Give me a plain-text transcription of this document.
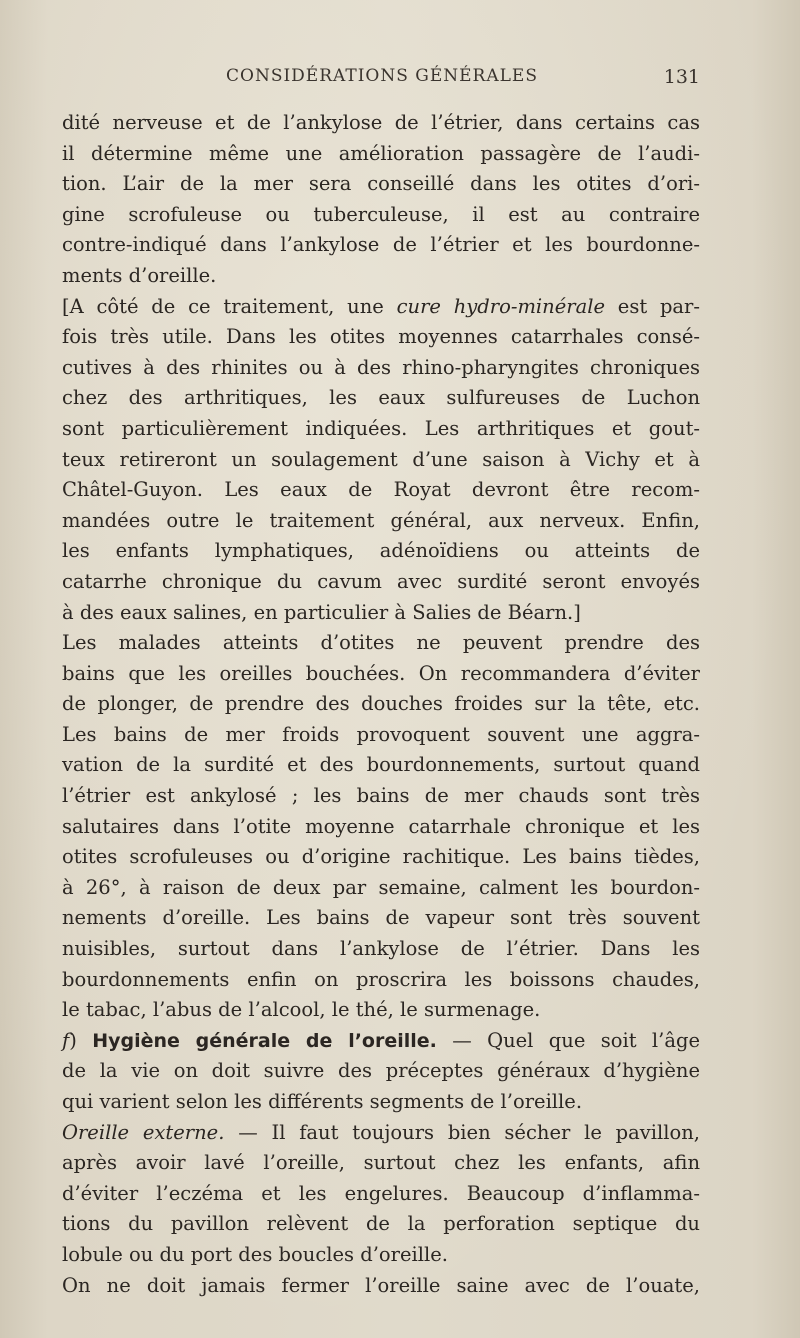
CONSIDÉRATIONS GÉNÉRALES	131
dité nerveuse et de l’ankylose de l’étrier, dans certains cas
il détermine même une amélioration passagère de l’audi-
tion. L’air de la mer sera conseillé dans les otites d’ori-
gine scrofuleuse ou tuberculeuse, il est au contraire
contre-indiqué dans l’ankylose de l’étrier et les bourdonne-
ments d’oreille.
[A côté de ce traitement, une cure hydro-minérale est par-
fois très utile. Dans les otites moyennes catarrhales consé-
cutives à des rhinites ou à des rhino-pharyngites chroniques
chez des arthritiques, les eaux sulfureuses de Luchon
sont particulièrement indiquées. Les arthritiques et gout-
teux retireront un soulagement d’une saison à Vichy et à
Châtel-Guyon. Les eaux de Royat devront être recom-
mandées outre le traitement général, aux nerveux. Enfin,
les enfants lymphatiques, adénoïdiens ou atteints de
catarrhe chronique du cavum avec surdité seront envoyés
à des eaux salines, en particulier à Salies de Béarn.]
Les malades atteints d’otites ne peuvent prendre des
bains que les oreilles bouchées. On recommandera d’éviter
de plonger, de prendre des douches froides sur la tête, etc.
Les bains de mer froids provoquent souvent une aggra-
vation de la surdité et des bourdonnements, surtout quand
l’étrier est ankylosé ; les bains de mer chauds sont très
salutaires dans l’otite moyenne catarrhale chronique et les
otites scrofuleuses ou d’origine rachitique. Les bains tièdes,
à 26°, à raison de deux par semaine, calment les bourdon-
nements d’oreille. Les bains de vapeur sont très souvent
nuisibles, surtout dans l’ankylose de l’étrier. Dans les
bourdonnements enfin on proscrira les boissons chaudes,
le tabac, l’abus de l’alcool, le thé, le surmenage.
f) Hygiène générale de l’oreille. — Quel que soit l’âge
de la vie on doit suivre des préceptes généraux d’hygiène
qui varient selon les différents segments de l’oreille.
Oreille externe. — Il faut toujours bien sécher le pavillon,
après avoir lavé l’oreille, surtout chez les enfants, afin
d’éviter l’eczéma et les engelures. Beaucoup d’inflamma-
tions du pavillon relèvent de la perforation septique du
lobule ou du port des boucles d’oreille.
On ne doit jamais fermer l’oreille saine avec de l’ouate,
